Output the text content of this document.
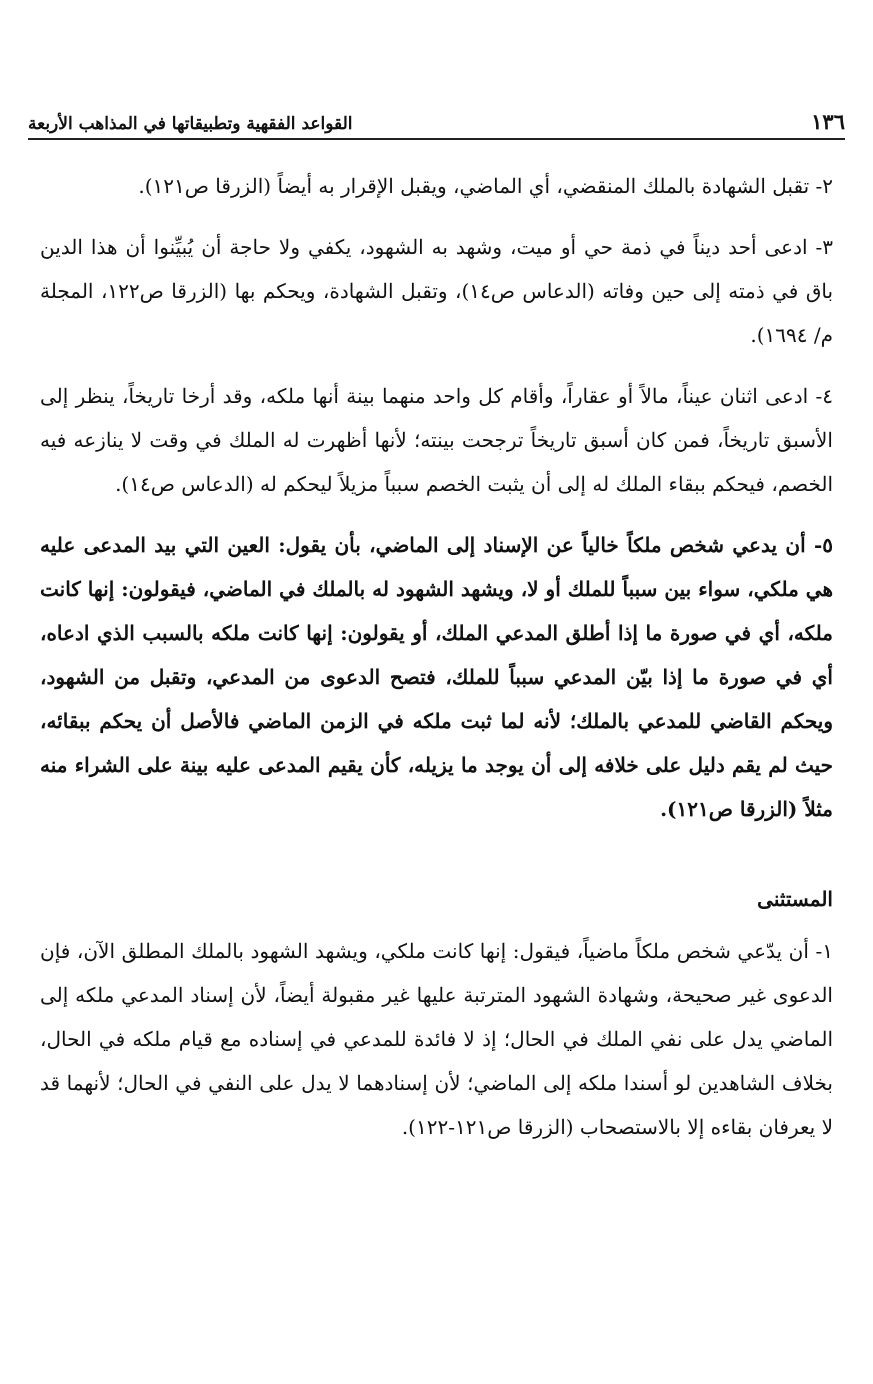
١٣٦
القواعد الفقهية وتطبيقاتها في المذاهب الأربعة

٢- تقبل الشهادة بالملك المنقضي، أي الماضي، ويقبل الإقرار به أيضاً (الزرقا ص١٢١).

٣- ادعى أحد ديناً في ذمة حي أو ميت، وشهد به الشهود، يكفي ولا حاجة أن يُبيِّنوا أن هذا الدين باق في ذمته إلى حين وفاته (الدعاس ص١٤)، وتقبل الشهادة، ويحكم بها (الزرقا ص١٢٢، المجلة م/ ١٦٩٤).

٤- ادعى اثنان عيناً، مالاً أو عقاراً، وأقام كل واحد منهما بينة أنها ملكه، وقد أرخا تاريخاً، ينظر إلى الأسبق تاريخاً، فمن كان أسبق تاريخاً ترجحت بينته؛ لأنها أظهرت له الملك في وقت لا ينازعه فيه الخصم، فيحكم ببقاء الملك له إلى أن يثبت الخصم سبباً مزيلاً ليحكم له (الدعاس ص١٤).

٥- أن يدعي شخص ملكاً خالياً عن الإسناد إلى الماضي، بأن يقول: العين التي بيد المدعى عليه هي ملكي، سواء بين سبباً للملك أو لا، ويشهد الشهود له بالملك في الماضي، فيقولون: إنها كانت ملكه، أي في صورة ما إذا أطلق المدعي الملك، أو يقولون: إنها كانت ملكه بالسبب الذي ادعاه، أي في صورة ما إذا بيّن المدعي سبباً للملك، فتصح الدعوى من المدعي، وتقبل من الشهود، ويحكم القاضي للمدعي بالملك؛ لأنه لما ثبت ملكه في الزمن الماضي فالأصل أن يحكم ببقائه، حيث لم يقم دليل على خلافه إلى أن يوجد ما يزيله، كأن يقيم المدعى عليه بينة على الشراء منه مثلاً (الزرقا ص١٢١).

المستثنى

١- أن يدّعي شخص ملكاً ماضياً، فيقول: إنها كانت ملكي، ويشهد الشهود بالملك المطلق الآن، فإن الدعوى غير صحيحة، وشهادة الشهود المترتبة عليها غير مقبولة أيضاً، لأن إسناد المدعي ملكه إلى الماضي يدل على نفي الملك في الحال؛ إذ لا فائدة للمدعي في إسناده مع قيام ملكه في الحال، بخلاف الشاهدين لو أسندا ملكه إلى الماضي؛ لأن إسنادهما لا يدل على النفي في الحال؛ لأنهما قد لا يعرفان بقاءه إلا بالاستصحاب (الزرقا ص١٢١-١٢٢).
